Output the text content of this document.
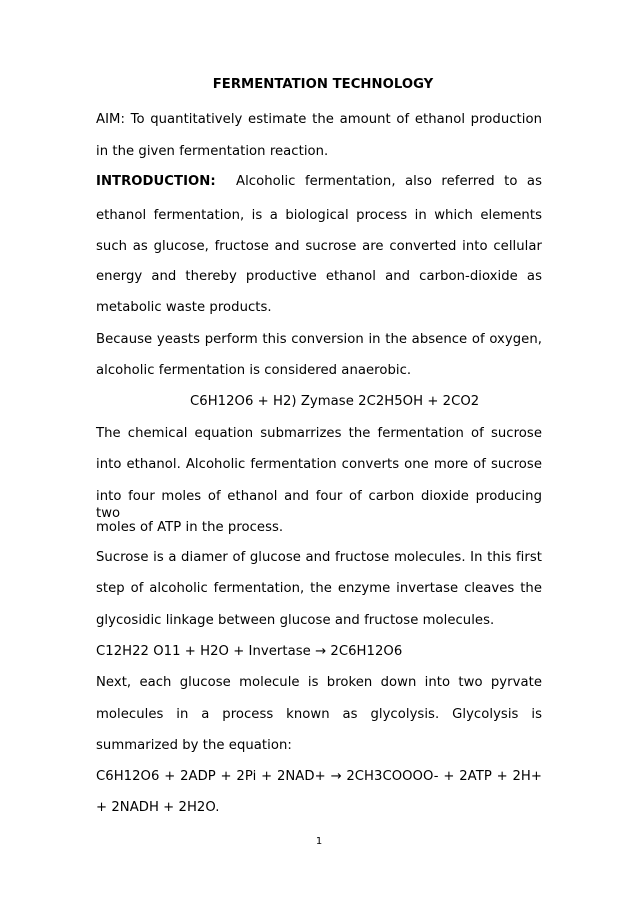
FERMENTATION TECHNOLOGY
AIM: To quantitatively estimate the amount of ethanol production
in the given fermentation reaction.
INTRODUCTION: Alcoholic fermentation, also referred to as
ethanol fermentation, is a biological process in which elements
such as glucose, fructose and sucrose are converted into cellular
energy and thereby productive ethanol and carbon-dioxide as
metabolic waste products.
Because yeasts perform this conversion in the absence of oxygen,
alcoholic fermentation is considered anaerobic.
C6H12O6 + H2) Zymase 2C2H5OH + 2CO2
The chemical equation submarrizes the fermentation of sucrose
into ethanol. Alcoholic fermentation converts one more of sucrose
into four moles of ethanol and four of carbon dioxide producing two
moles of ATP in the process.
Sucrose is a diamer of glucose and fructose molecules. In this first
step of alcoholic fermentation, the enzyme invertase cleaves the
glycosidic linkage between glucose and fructose molecules.
C12H22 O11 + H2O + Invertase → 2C6H12O6
Next, each glucose molecule is broken down into two pyrvate
molecules in a process known as glycolysis. Glycolysis is
summarized by the equation:
C6H12O6 + 2ADP + 2Pi + 2NAD+ → 2CH3COOOO- + 2ATP + 2H+
+ 2NADH + 2H2O.
1
